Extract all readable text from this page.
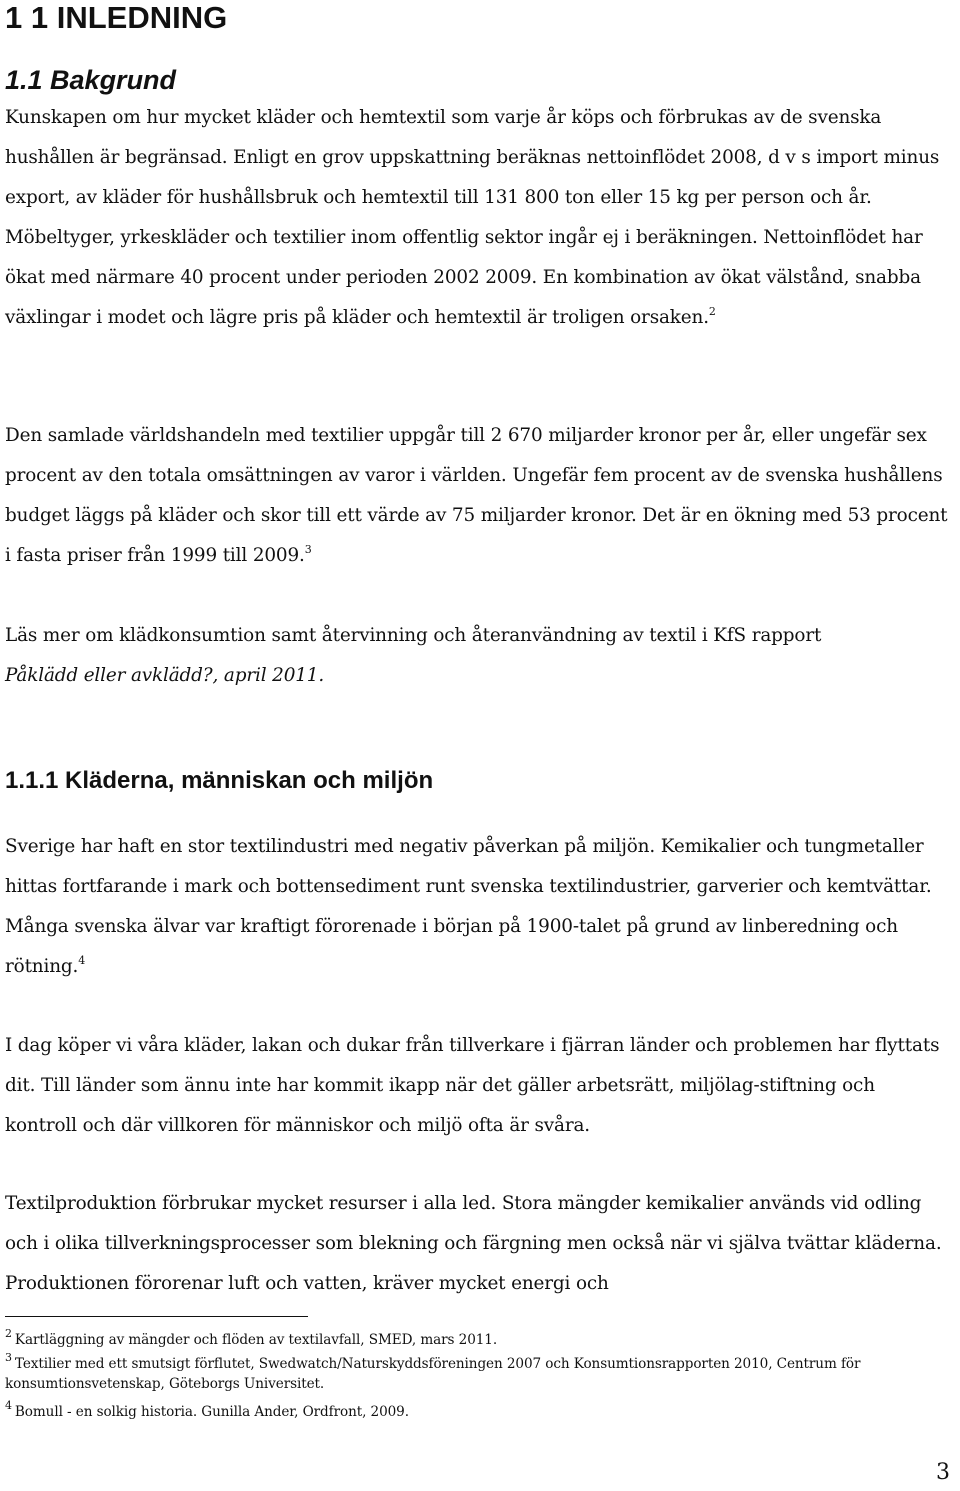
1 1 INLEDNING
1.1 Bakgrund

Kunskapen om hur mycket kläder och hemtextil som varje år köps och förbrukas av de svenska hushållen är begränsad. Enligt en grov uppskattning beräknas nettoinflödet 2008, d v s import minus export, av kläder för hushållsbruk och hemtextil till 131 800 ton eller 15 kg per person och år. Möbeltyger, yrkeskläder och textilier inom offentlig sektor ingår ej i beräkningen. Nettoinflödet har ökat med närmare 40 procent under perioden 2002 2009. En kombination av ökat välstånd, snabba växlingar i modet och lägre pris på kläder och hemtextil är troligen orsaken.$^2$

Den samlade världshandeln med textilier uppgår till 2 670 miljarder kronor per år, eller ungefär sex procent av den totala omsättningen av varor i världen. Ungefär fem procent av de svenska hushållens budget läggs på kläder och skor till ett värde av 75 miljarder kronor. Det är en ökning med 53 procent i fasta priser från 1999 till 2009.$^3$

Läs mer om klädkonsumtion samt återvinning och återanvändning av textil i KfS rapport
Påklädd eller avklädd?, april 2011.

1.1.1 Kläderna, människan och miljön

Sverige har haft en stor textilindustri med negativ påverkan på miljön. Kemikalier och tungmetaller hittas fortfarande i mark och bottensediment runt svenska textilindustrier, garverier och kemtvättar. Många svenska älvar var kraftigt förorenade i början på 1900-talet på grund av linberedning och rötning.$^4$

I dag köper vi våra kläder, lakan och dukar från tillverkare i fjärran länder och problemen har flyttats dit. Till länder som ännu inte har kommit ikapp när det gäller arbetsrätt, miljölag-stiftning och kontroll och där villkoren för människor och miljö ofta är svåra.

Textilproduktion förbrukar mycket resurser i alla led. Stora mängder kemikalier används vid odling och i olika tillverkningsprocesser som blekning och färgning men också när vi själva tvättar kläderna. Produktionen förorenar luft och vatten, kräver mycket energi och

$^2$ Kartläggning av mängder och flöden av textilavfall, SMED, mars 2011.

$^3$ Textilier med ett smutsigt förflutet, Swedwatch/Naturskyddsföreningen 2007 och Konsumtionsrapporten 2010, Centrum för konsumtionsvetenskap, Göteborgs Universitet.

$^4$ Bomull - en solkig historia. Gunilla Ander, Ordfront, 2009.

3
